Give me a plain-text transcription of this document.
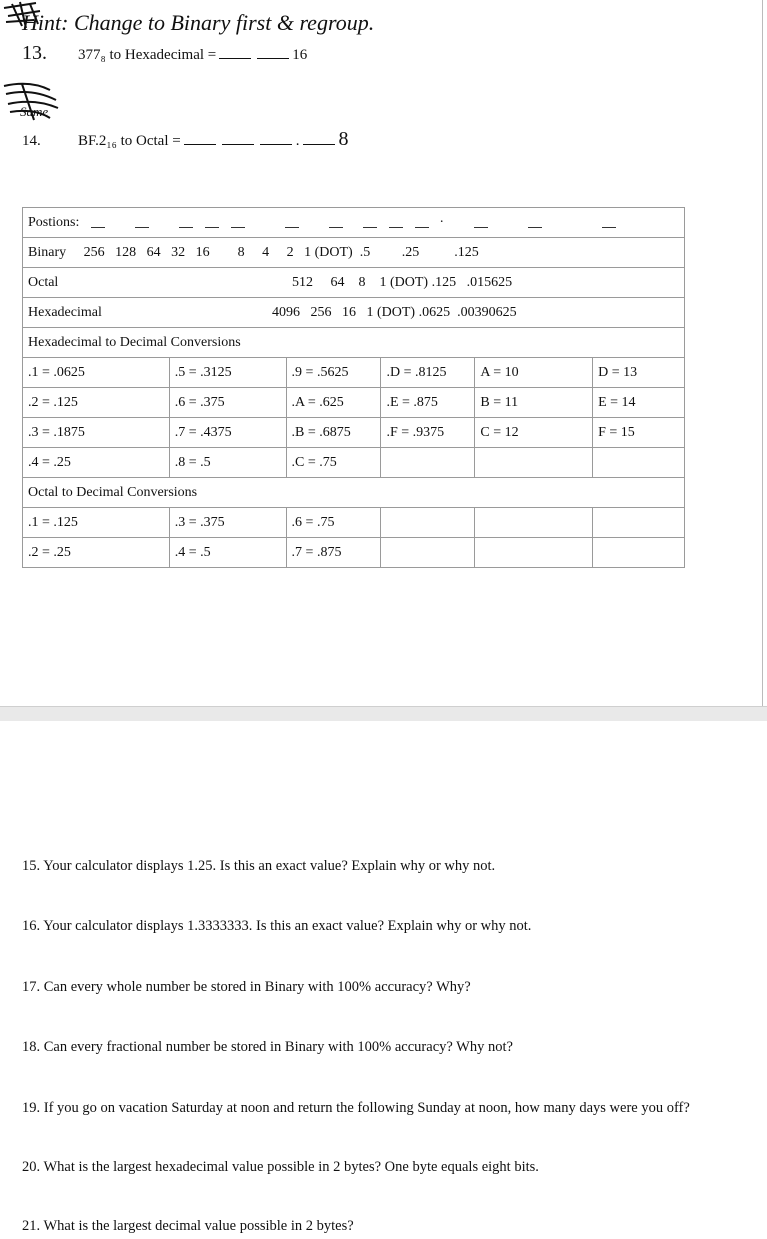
Hint: Change to Binary first & regroup.
13.	377₈ to Hexadecimal =	16
Same
14.	BF.2₁₆ to Octal =	. 8
Postions: ·					

Binary 256   128   64   32   16        8     4     2   1 (DOT)  .5         .25          .125					
Octal 512     64    8    1 (DOT) .125   .015625					
Hexadecimal 4096   256   16   1 (DOT) .0625  .00390625					
Hexadecimal to Decimal Conversions					
.1 = .0625	.5 = .3125	.9 = .5625	.D = .8125	A = 10	D = 13
.2 = .125	.6 = .375	.A = .625	.E = .875	B = 11	E = 14
.3 = .1875	.7 = .4375	.B = .6875	.F = .9375	C = 12	F = 15
.4 = .25	.8 = .5	.C = .75			
Octal to Decimal Conversions					
.1 = .125	.3 = .375	.6 = .75			
.2 = .25	.4 = .5	.7 = .875			
15. Your calculator displays 1.25. Is this an exact value? Explain why or why not.
16. Your calculator displays 1.3333333. Is this an exact value? Explain why or why not.
17. Can every whole number be stored in Binary with 100% accuracy? Why?
18. Can every fractional number be stored in Binary with 100% accuracy? Why not?
19. If you go on vacation Saturday at noon and return the following Sunday at noon, how many days were you off?
20. What is the largest hexadecimal value possible in 2 bytes? One byte equals eight bits.
21. What is the largest decimal value possible in 2 bytes?
